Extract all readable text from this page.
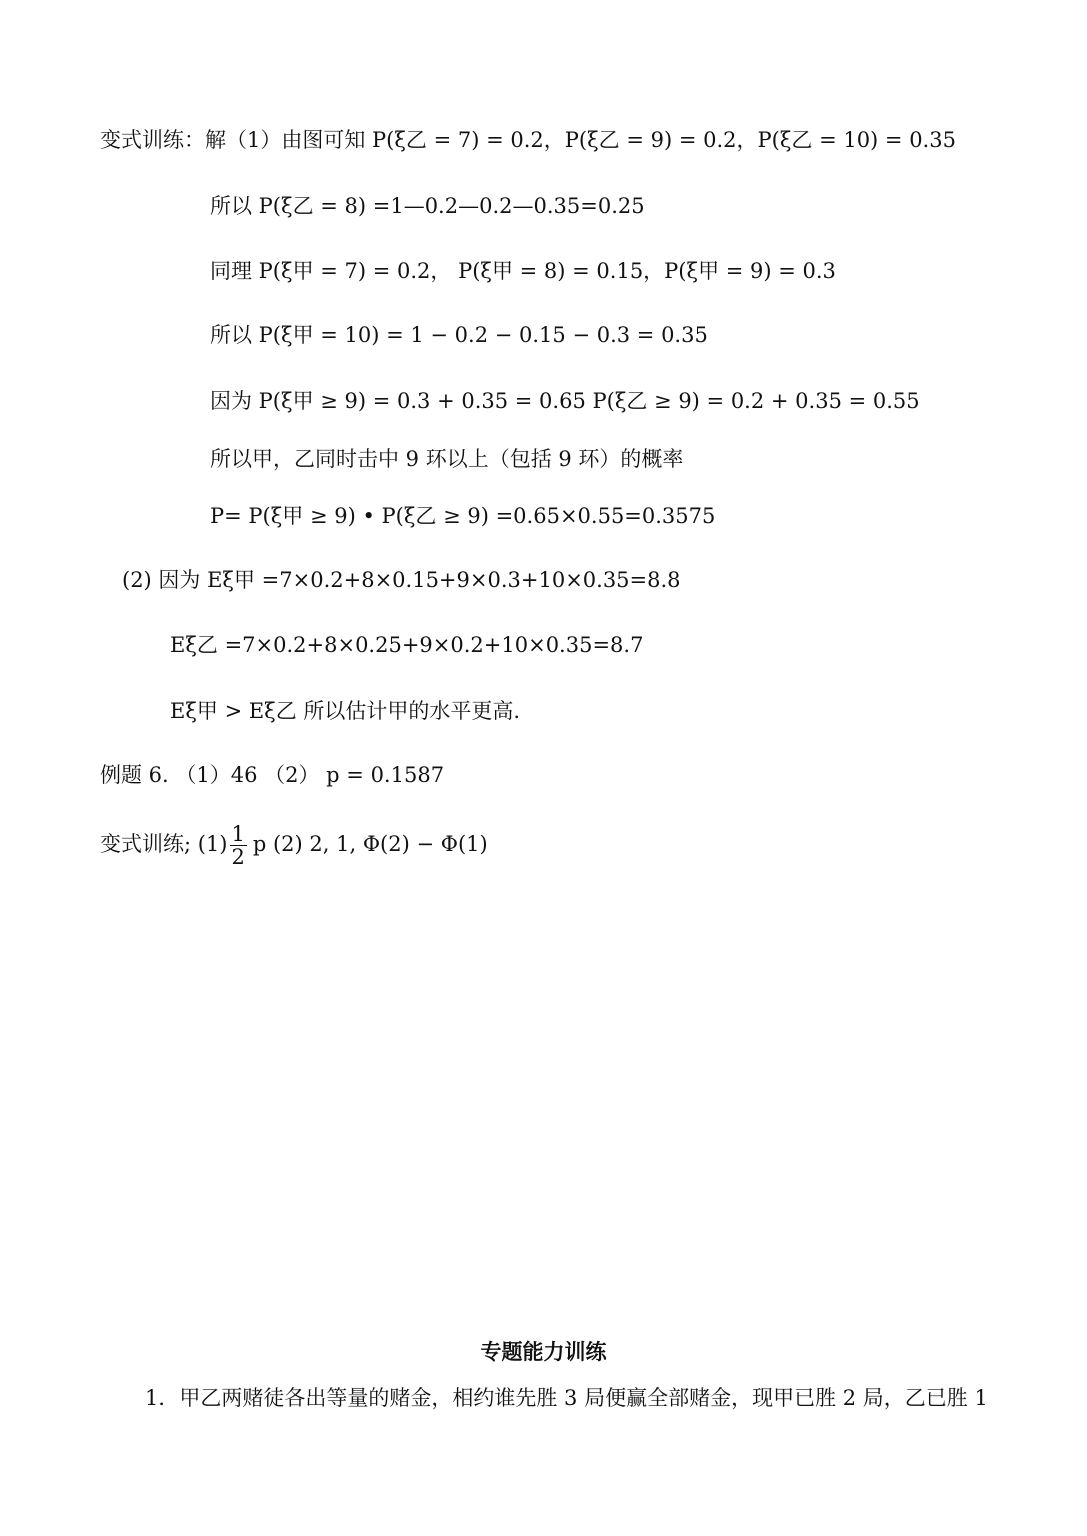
变式训练：解（1）由图可知 P(ξ乙 = 7) = 0.2，P(ξ乙 = 9) = 0.2，P(ξ乙 = 10) = 0.35
所以 P(ξ乙 = 8) =1—0.2—0.2—0.35=0.25
同理 P(ξ甲 = 7) = 0.2， P(ξ甲 = 8) = 0.15，P(ξ甲 = 9) = 0.3
所以 P(ξ甲 = 10) = 1 − 0.2 − 0.15 − 0.3 = 0.35
因为 P(ξ甲 ≥ 9) = 0.3 + 0.35 = 0.65 P(ξ乙 ≥ 9) = 0.2 + 0.35 = 0.55
所以甲，乙同时击中 9 环以上（包括 9 环）的概率
P= P(ξ甲 ≥ 9) • P(ξ乙 ≥ 9) =0.65×0.55=0.3575
(2) 因为 Eξ甲 =7×0.2+8×0.15+9×0.3+10×0.35=8.8
Eξ乙 =7×0.2+8×0.25+9×0.2+10×0.35=8.7
Eξ甲 > Eξ乙 所以估计甲的水平更高.
例题 6. （1）46 （2） p = 0.1587
变式训练; $(1) \frac{1}{2}$ p (2) 2, 1, Φ(2) − Φ(1)
专题能力训练
1．甲乙两赌徒各出等量的赌金，相约谁先胜 3 局便赢全部赌金，现甲已胜 2 局，乙已胜 1
